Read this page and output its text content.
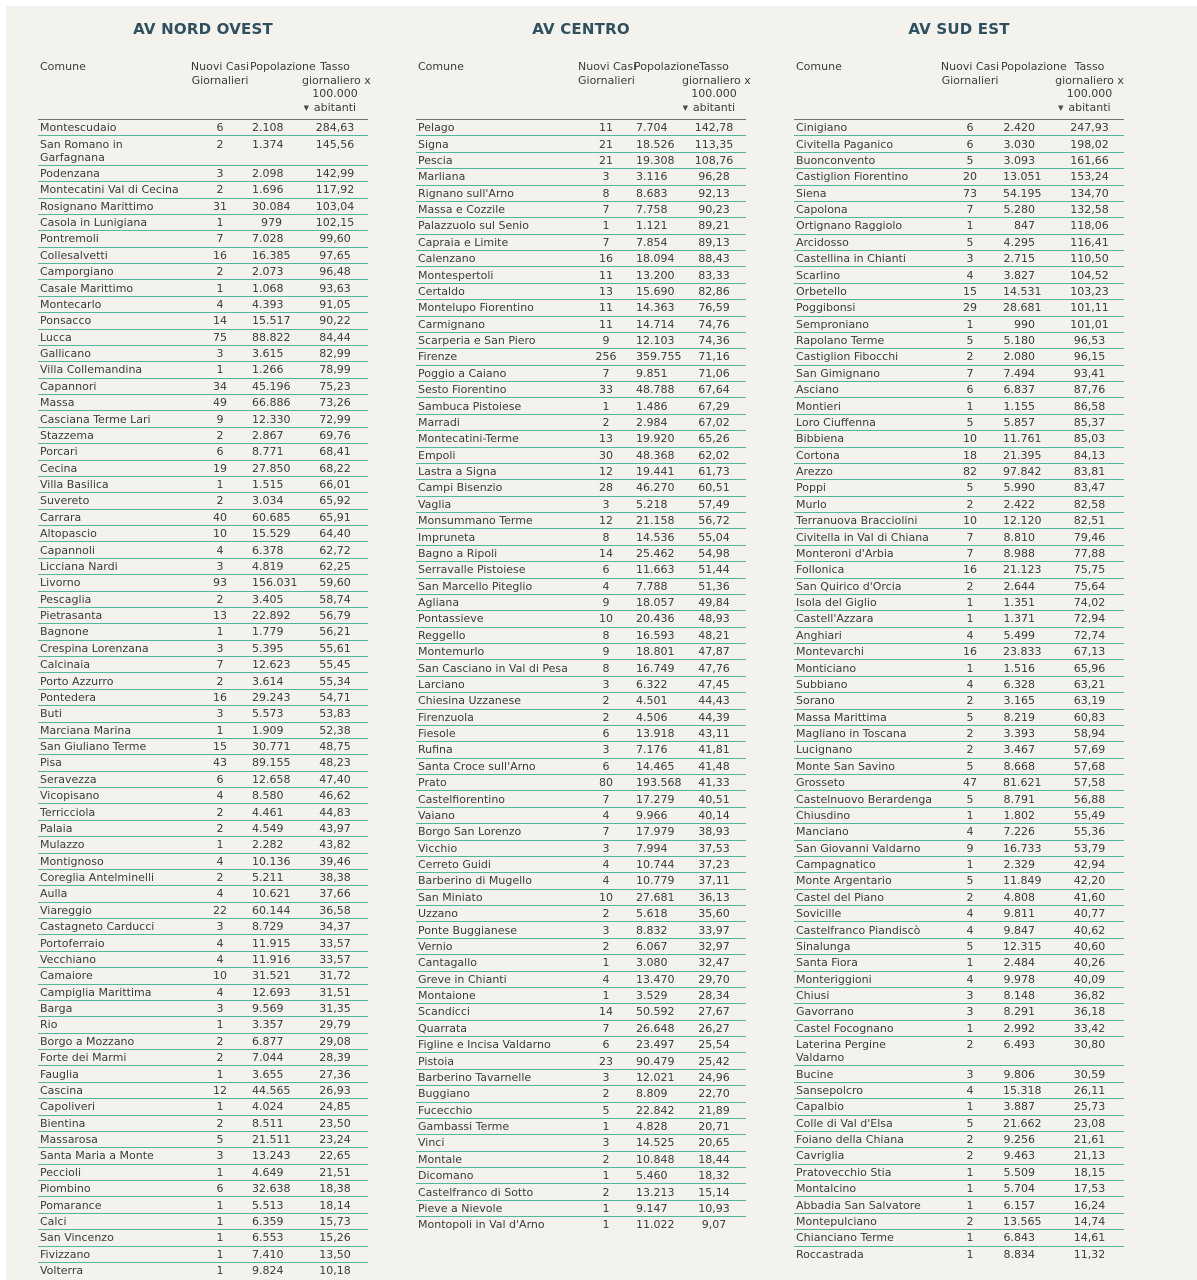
AV NORD OVEST
Comune	Nuovi Casi
Giornalieri
	Popolazione	Tasso
giornaliero x
100.000
▼ abitanti

Montescudaio	6	2.108	284,63
San Romano in Garfagnana	2	1.374	145,56
Podenzana	3	2.098	142,99
Montecatini Val di Cecina	2	1.696	117,92
Rosignano Marittimo	31	30.084	103,04
Casola in Lunigiana	1	979	102,15
Pontremoli	7	7.028	99,60
Collesalvetti	16	16.385	97,65
Camporgiano	2	2.073	96,48
Casale Marittimo	1	1.068	93,63
Montecarlo	4	4.393	91,05
Ponsacco	14	15.517	90,22
Lucca	75	88.822	84,44
Gallicano	3	3.615	82,99
Villa Collemandina	1	1.266	78,99
Capannori	34	45.196	75,23
Massa	49	66.886	73,26
Casciana Terme Lari	9	12.330	72,99
Stazzema	2	2.867	69,76
Porcari	6	8.771	68,41
Cecina	19	27.850	68,22
Villa Basilica	1	1.515	66,01
Suvereto	2	3.034	65,92
Carrara	40	60.685	65,91
Altopascio	10	15.529	64,40
Capannoli	4	6.378	62,72
Licciana Nardi	3	4.819	62,25
Livorno	93	156.031	59,60
Pescaglia	2	3.405	58,74
Pietrasanta	13	22.892	56,79
Bagnone	1	1.779	56,21
Crespina Lorenzana	3	5.395	55,61
Calcinaia	7	12.623	55,45
Porto Azzurro	2	3.614	55,34
Pontedera	16	29.243	54,71
Buti	3	5.573	53,83
Marciana Marina	1	1.909	52,38
San Giuliano Terme	15	30.771	48,75
Pisa	43	89.155	48,23
Seravezza	6	12.658	47,40
Vicopisano	4	8.580	46,62
Terricciola	2	4.461	44,83
Palaia	2	4.549	43,97
Mulazzo	1	2.282	43,82
Montignoso	4	10.136	39,46
Coreglia Antelminelli	2	5.211	38,38
Aulla	4	10.621	37,66
Viareggio	22	60.144	36,58
Castagneto Carducci	3	8.729	34,37
Portoferraio	4	11.915	33,57
Vecchiano	4	11.916	33,57
Camaiore	10	31.521	31,72
Campiglia Marittima	4	12.693	31,51
Barga	3	9.569	31,35
Rio	1	3.357	29,79
Borgo a Mozzano	2	6.877	29,08
Forte dei Marmi	2	7.044	28,39
Fauglia	1	3.655	27,36
Cascina	12	44.565	26,93
Capoliveri	1	4.024	24,85
Bientina	2	8.511	23,50
Massarosa	5	21.511	23,24
Santa Maria a Monte	3	13.243	22,65
Peccioli	1	4.649	21,51
Piombino	6	32.638	18,38
Pomarance	1	5.513	18,14
Calci	1	6.359	15,73
San Vincenzo	1	6.553	15,26
Fivizzano	1	7.410	13,50
Volterra	1	9.824	10,18
AV CENTRO
Comune	Nuovi Casi
Giornalieri
	Popolazione	Tasso
giornaliero x
100.000
▼ abitanti

Pelago	11	7.704	142,78
Signa	21	18.526	113,35
Pescia	21	19.308	108,76
Marliana	3	3.116	96,28
Rignano sull'Arno	8	8.683	92,13
Massa e Cozzile	7	7.758	90,23
Palazzuolo sul Senio	1	1.121	89,21
Capraia e Limite	7	7.854	89,13
Calenzano	16	18.094	88,43
Montespertoli	11	13.200	83,33
Certaldo	13	15.690	82,86
Montelupo Fiorentino	11	14.363	76,59
Carmignano	11	14.714	74,76
Scarperia e San Piero	9	12.103	74,36
Firenze	256	359.755	71,16
Poggio a Caiano	7	9.851	71,06
Sesto Fiorentino	33	48.788	67,64
Sambuca Pistoiese	1	1.486	67,29
Marradi	2	2.984	67,02
Montecatini-Terme	13	19.920	65,26
Empoli	30	48.368	62,02
Lastra a Signa	12	19.441	61,73
Campi Bisenzio	28	46.270	60,51
Vaglia	3	5.218	57,49
Monsummano Terme	12	21.158	56,72
Impruneta	8	14.536	55,04
Bagno a Ripoli	14	25.462	54,98
Serravalle Pistoiese	6	11.663	51,44
San Marcello Piteglio	4	7.788	51,36
Agliana	9	18.057	49,84
Pontassieve	10	20.436	48,93
Reggello	8	16.593	48,21
Montemurlo	9	18.801	47,87
San Casciano in Val di Pesa	8	16.749	47,76
Larciano	3	6.322	47,45
Chiesina Uzzanese	2	4.501	44,43
Firenzuola	2	4.506	44,39
Fiesole	6	13.918	43,11
Rufina	3	7.176	41,81
Santa Croce sull'Arno	6	14.465	41,48
Prato	80	193.568	41,33
Castelfiorentino	7	17.279	40,51
Vaiano	4	9.966	40,14
Borgo San Lorenzo	7	17.979	38,93
Vicchio	3	7.994	37,53
Cerreto Guidi	4	10.744	37,23
Barberino di Mugello	4	10.779	37,11
San Miniato	10	27.681	36,13
Uzzano	2	5.618	35,60
Ponte Buggianese	3	8.832	33,97
Vernio	2	6.067	32,97
Cantagallo	1	3.080	32,47
Greve in Chianti	4	13.470	29,70
Montaione	1	3.529	28,34
Scandicci	14	50.592	27,67
Quarrata	7	26.648	26,27
Figline e Incisa Valdarno	6	23.497	25,54
Pistoia	23	90.479	25,42
Barberino Tavarnelle	3	12.021	24,96
Buggiano	2	8.809	22,70
Fucecchio	5	22.842	21,89
Gambassi Terme	1	4.828	20,71
Vinci	3	14.525	20,65
Montale	2	10.848	18,44
Dicomano	1	5.460	18,32
Castelfranco di Sotto	2	13.213	15,14
Pieve a Nievole	1	9.147	10,93
Montopoli in Val d'Arno	1	11.022	9,07
AV SUD EST
Comune	Nuovi Casi
Giornalieri
	Popolazione	Tasso
giornaliero x
100.000
▼ abitanti

Cinigiano	6	2.420	247,93
Civitella Paganico	6	3.030	198,02
Buonconvento	5	3.093	161,66
Castiglion Fiorentino	20	13.051	153,24
Siena	73	54.195	134,70
Capolona	7	5.280	132,58
Ortignano Raggiolo	1	847	118,06
Arcidosso	5	4.295	116,41
Castellina in Chianti	3	2.715	110,50
Scarlino	4	3.827	104,52
Orbetello	15	14.531	103,23
Poggibonsi	29	28.681	101,11
Semproniano	1	990	101,01
Rapolano Terme	5	5.180	96,53
Castiglion Fibocchi	2	2.080	96,15
San Gimignano	7	7.494	93,41
Asciano	6	6.837	87,76
Montieri	1	1.155	86,58
Loro Ciuffenna	5	5.857	85,37
Bibbiena	10	11.761	85,03
Cortona	18	21.395	84,13
Arezzo	82	97.842	83,81
Poppi	5	5.990	83,47
Murlo	2	2.422	82,58
Terranuova Bracciolini	10	12.120	82,51
Civitella in Val di Chiana	7	8.810	79,46
Monteroni d'Arbia	7	8.988	77,88
Follonica	16	21.123	75,75
San Quirico d'Orcia	2	2.644	75,64
Isola del Giglio	1	1.351	74,02
Castell'Azzara	1	1.371	72,94
Anghiari	4	5.499	72,74
Montevarchi	16	23.833	67,13
Monticiano	1	1.516	65,96
Subbiano	4	6.328	63,21
Sorano	2	3.165	63,19
Massa Marittima	5	8.219	60,83
Magliano in Toscana	2	3.393	58,94
Lucignano	2	3.467	57,69
Monte San Savino	5	8.668	57,68
Grosseto	47	81.621	57,58
Castelnuovo Berardenga	5	8.791	56,88
Chiusdino	1	1.802	55,49
Manciano	4	7.226	55,36
San Giovanni Valdarno	9	16.733	53,79
Campagnatico	1	2.329	42,94
Monte Argentario	5	11.849	42,20
Castel del Piano	2	4.808	41,60
Sovicille	4	9.811	40,77
Castelfranco Piandiscò	4	9.847	40,62
Sinalunga	5	12.315	40,60
Santa Fiora	1	2.484	40,26
Monteriggioni	4	9.978	40,09
Chiusi	3	8.148	36,82
Gavorrano	3	8.291	36,18
Castel Focognano	1	2.992	33,42
Laterina Pergine Valdarno	2	6.493	30,80
Bucine	3	9.806	30,59
Sansepolcro	4	15.318	26,11
Capalbio	1	3.887	25,73
Colle di Val d'Elsa	5	21.662	23,08
Foiano della Chiana	2	9.256	21,61
Cavriglia	2	9.463	21,13
Pratovecchio Stia	1	5.509	18,15
Montalcino	1	5.704	17,53
Abbadia San Salvatore	1	6.157	16,24
Montepulciano	2	13.565	14,74
Chianciano Terme	1	6.843	14,61
Roccastrada	1	8.834	11,32
